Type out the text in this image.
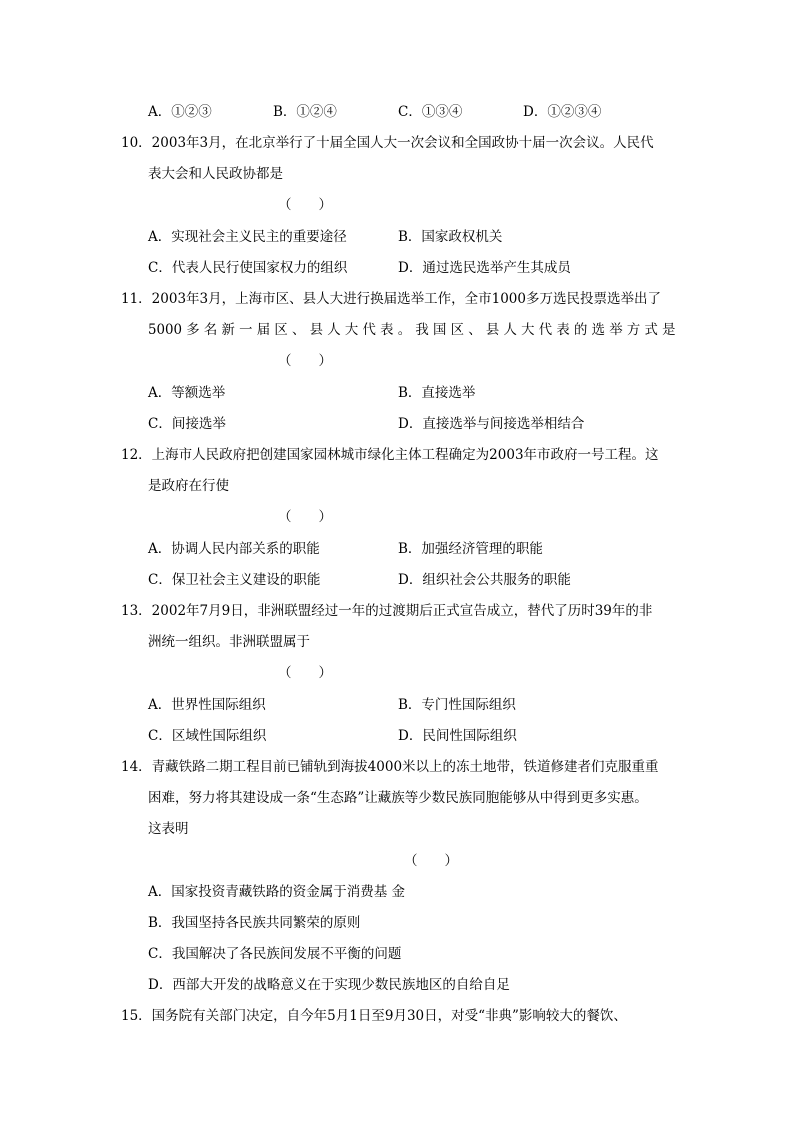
A．①②③	B．①②④	C．①③④	D．①②③④
10．2003年3月，在北京举行了十届全国人大一次会议和全国政协十届一次会议。人民代
表大会和人民政协都是
（　　）
A．实现社会主义民主的重要途径	B．国家政权机关
C．代表人民行使国家权力的组织	D．通过选民选举产生其成员
11．2003年3月，上海市区、县人大进行换届选举工作，全市1000多万选民投票选举出了
5000 多 名 新 一 届 区 、 县 人 大 代 表 。 我 国 区 、 县 人 大 代 表 的 选 举 方 式 是
（　　）
A．等额选举	B．直接选举
C．间接选举	D．直接选举与间接选举相结合
12．上海市人民政府把创建国家园林城市绿化主体工程确定为2003年市政府一号工程。这
是政府在行使
（　　）
A．协调人民内部关系的职能	B．加强经济管理的职能
C．保卫社会主义建设的职能	D．组织社会公共服务的职能
13．2002年7月9日，非洲联盟经过一年的过渡期后正式宣告成立，替代了历时39年的非
洲统一组织。非洲联盟属于
（　　）
A．世界性国际组织	B．专门性国际组织
C．区域性国际组织	D．民间性国际组织
14．青藏铁路二期工程目前已铺轨到海拔4000米以上的冻土地带，铁道修建者们克服重重
困难，努力将其建设成一条“生态路”让藏族等少数民族同胞能够从中得到更多实惠。
这表明
（　　）
A．国家投资青藏铁路的资金属于消费基 金
B．我国坚持各民族共同繁荣的原则
C．我国解决了各民族间发展不平衡的问题
D．西部大开发的战略意义在于实现少数民族地区的自给自足
15．国务院有关部门决定，自今年5月1日至9月30日，对受“非典”影响较大的餐饮、
